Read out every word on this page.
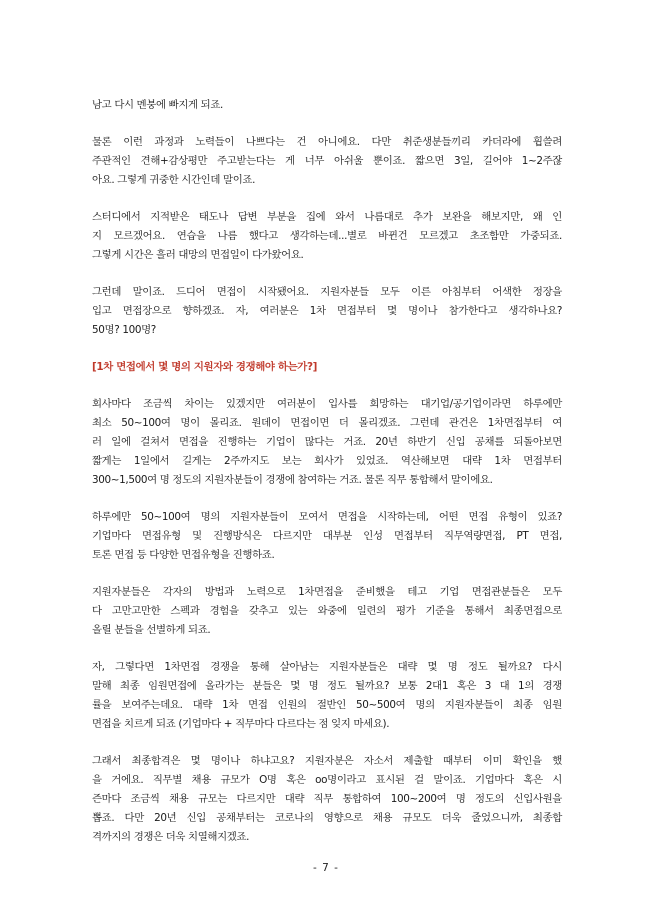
남고 다시 멘붕에 빠지게 되죠.
물론 이런 과정과 노력들이 나쁘다는 건 아니에요. 다만 취준생분들끼리 카더라에 휩쓸려
주관적인 견해+감상평만 주고받는다는 게 너무 아쉬울 뿐이죠. 짧으면 3일, 길어야 1~2주잖
아요. 그렇게 귀중한 시간인데 말이죠.
스터디에서 지적받은 태도나 답변 부분을 집에 와서 나름대로 추가 보완을 해보지만, 왜 인
지 모르겠어요. 연습을 나름 했다고 생각하는데...별로 바뀐건 모르겠고 초조함만 가중되죠.
그렇게 시간은 흘러 대망의 면접일이 다가왔어요.
그런데 말이죠. 드디어 면접이 시작됐어요. 지원자분들 모두 이른 아침부터 어색한 정장을
입고 면접장으로 향하겠죠. 자, 여러분은 1차 면접부터 몇 명이나 참가한다고 생각하나요?
50명? 100명?
[1차 면접에서 몇 명의 지원자와 경쟁해야 하는가?]
회사마다 조금씩 차이는 있겠지만 여러분이 입사를 희망하는 대기업/공기업이라면 하루에만
최소 50~100여 명이 몰리죠. 원데이 면접이면 더 몰리겠죠. 그런데 관건은 1차면접부터 여
러 일에 걸쳐서 면접을 진행하는 기업이 많다는 거죠. 20년 하반기 신입 공채를 되돌아보면
짧게는 1일에서 길게는 2주까지도 보는 회사가 있었죠. 역산해보면 대략 1차 면접부터
300~1,500여 명 정도의 지원자분들이 경쟁에 참여하는 거죠. 물론 직무 통합해서 말이에요.
하루에만 50~100여 명의 지원자분들이 모여서 면접을 시작하는데, 어떤 면접 유형이 있죠?
기업마다 면접유형 및 진행방식은 다르지만 대부분 인성 면접부터 직무역량면접, PT 면접,
토론 면접 등 다양한 면접유형을 진행하죠.
지원자분들은 각자의 방법과 노력으로 1차면접을 준비했을 테고 기업 면접관분들은 모두
다 고만고만한 스펙과 경험을 갖추고 있는 와중에 일련의 평가 기준을 통해서 최종면접으로
올릴 분들을 선별하게 되죠.
자, 그렇다면 1차면접 경쟁을 통해 살아남는 지원자분들은 대략 몇 명 정도 될까요? 다시
말해 최종 임원면접에 올라가는 분들은 몇 명 정도 될까요? 보통 2대1 혹은 3 대 1의 경쟁
률을 보여주는데요. 대략 1차 면접 인원의 절반인 50~500여 명의 지원자분들이 최종 임원
면접을 치르게 되죠 (기업마다 + 직무마다 다르다는 점 잊지 마세요).
그래서 최종합격은 몇 명이나 하냐고요? 지원자분은 자소서 제출할 때부터 이미 확인을 했
을 거에요. 직무별 채용 규모가 O명 혹은 oo명이라고 표시된 걸 말이죠. 기업마다 혹은 시
즌마다 조금씩 채용 규모는 다르지만 대략 직무 통합하여 100~200여 명 정도의 신입사원을
뽑죠. 다만 20년 신입 공채부터는 코로나의 영향으로 채용 규모도 더욱 줄었으니까, 최종합
격까지의 경쟁은 더욱 치열해지겠죠.
- 7 -
